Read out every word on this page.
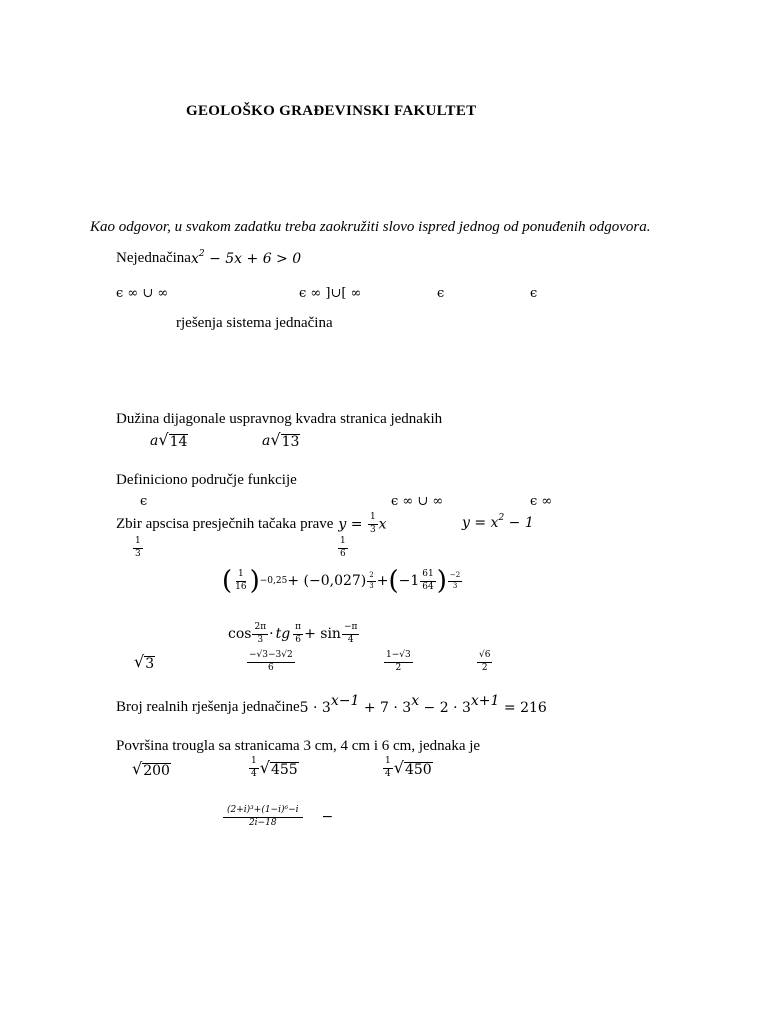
GEOLOŠKO GRAĐEVINSKI FAKULTET
Kao odgovor, u svakom zadatku treba zaokružiti slovo ispred jednog od ponuđenih odgovora.
Nejednačina $x^2 - 5x + 6 > 0$
ϵ ∞ ∪ ∞	ϵ ∞ ]∪[ ∞	ϵ	ϵ
rješenja sistema jednačina
Dužina dijagonale uspravnog kvadra stranica jednakih
a √ 14	a √ 13
Definiciono područje funkcije
ϵ	ϵ ∞ ∪ ∞	ϵ ∞
Zbir apscisa presječnih tačaka prave $y = \frac{1}{3}$ x	$y = x^2 - 1$
$\frac{1}{3}$	$\frac{1}{6}$
( $\frac{1}{16}$ ) $-0,25 + (-0,027) \frac{2}{3}$ + ( $-1 \frac{61}{64}$ ) $\frac{-2}{3}$
$\cos \frac{2\pi}{3}$ · tg $\frac{\pi}{6} + \sin \frac{-\pi}{4}$
√ 3	$\frac{-√3-3√2}{6}$	$\frac{1-√3}{2}$	$\frac{√6}{2}$
Broj realnih rješenja jednačine $5 \cdot 3^{x-1} + 7 \cdot 3^x - 2 \cdot 3^{x+1} = 216$
Površina trougla sa stranicama 3 cm, 4 cm i 6 cm, jednaka je
√ 200	$\frac{1}{4}$ √ 455	$\frac{1}{4}$ √ 450
$\frac{\text{(2+i)³+(1−i)⁶−i}}{2i-18}$ −
